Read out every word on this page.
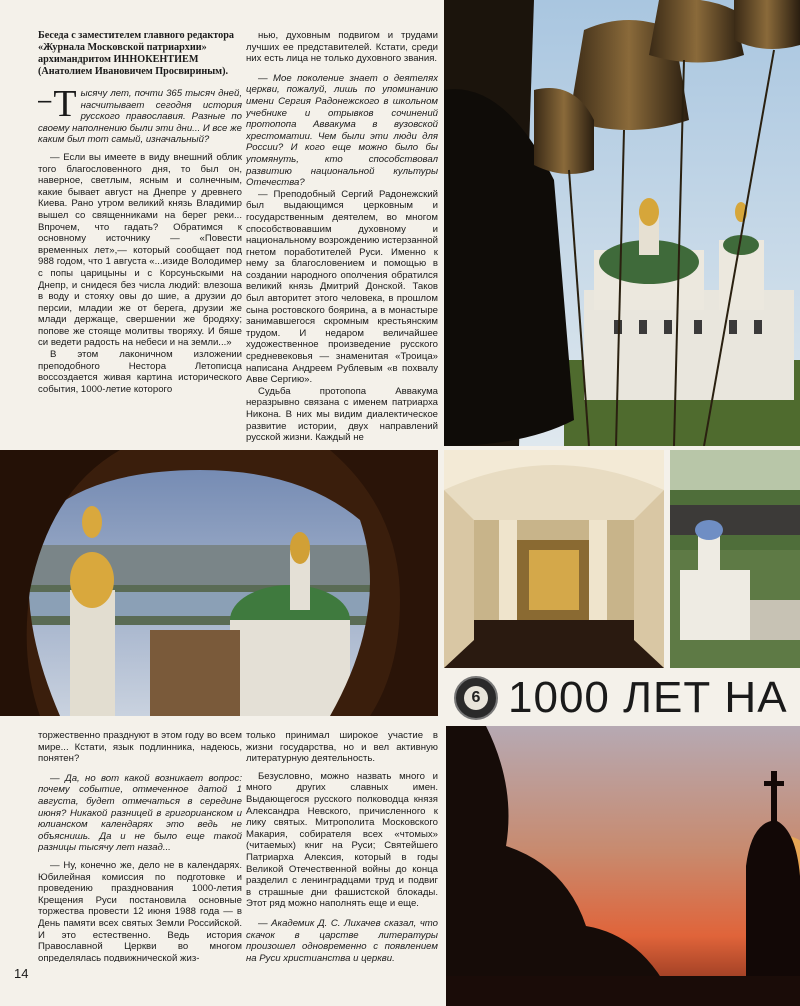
Беседа с заместителем главного редактора «Журнала Московской патриархии» архимандритом ИННОКЕНТИЕМ (Анатолием Ивановичем Просвириным).

– Т ысячу лет, почти 365 тысяч дней, насчитывает сегодня история русского православия. Разные по своему наполнению были эти дни... И все же каким был тот самый, изначальный?

— Если вы имеете в виду внешний облик того благословенного дня, то был он, наверное, светлым, ясным и солнечным, какие бывает август на Днепре у древнего Киева. Рано утром великий князь Владимир вышел со священниками на берег реки... Впрочем, что гадать? Обратимся к основному источнику — «Повести временных лет»,— который сообщает под 988 годом, что 1 августа «...изиде Володимер с попы царицыны и с Корсуньскыми на Днепр, и снидеся без числа людий: влезоша в воду и стояху овы до шие, а друзии до персии, младии же от берега, друзии же млади держаще, свершении же бродяху; попове же стояще молитвы творяху. И бяше си ведети радость на небеси и на земли...»

В этом лаконичном изложении преподобного Нестора Летописца воссоздается живая картина исторического события, 1000-летие которого

нью, духовным подвигом и трудами лучших ее представителей. Кстати, среди них есть лица не только духовного звания.

— Мое поколение знает о деятелях церкви, пожалуй, лишь по упоминанию имени Сергия Радонежского в школьном учебнике и отрывков сочинений протопопа Аввакума в вузовской хрестоматии. Чем были эти люди для России? И кого еще можно было бы упомянуть, кто способствовал развитию национальной культуры Отечества?

— Преподобный Сергий Радонежский был выдающимся церковным и государственным деятелем, во многом способствовавшим духовному и национальному возрождению истерзанной гнетом поработителей Руси. Именно к нему за благословением и помощью в создании народного ополчения обратился великий князь Дмитрий Донской. Таков был авторитет этого человека, в прошлом сына ростовского боярина, а в монастыре занимавшегося скромным крестьянским трудом. И недаром величайшее художественное произведение русского средневековья — знаменитая «Троица» написана Андреем Рублевым «в похвалу Авве Сергию».

Судьба протопопа Аввакума неразрывно связана с именем патриарха Никона. В них мы видим диалектическое развитие истории, двух направлений русской жизни. Каждый не

6 1000 ЛЕТ НА

торжественно празднуют в этом году во всем мире... Кстати, язык подлинника, надеюсь, понятен?

— Да, но вот какой возникает вопрос: почему событие, отмеченное датой 1 августа, будет отмечаться в середине июня? Никакой разницей в григорианском и юлианском календарях это ведь не объяснишь. Да и не было еще такой разницы тысячу лет назад...

— Ну, конечно же, дело не в календарях. Юбилейная комиссия по подготовке и проведению празднования 1000-летия Крещения Руси постановила основные торжества провести 12 июня 1988 года — в День памяти всех святых Земли Российской. И это естественно. Ведь история Православной Церкви во многом определялась подвижнической жиз-

только принимал широкое участие в жизни государства, но и вел активную литературную деятельность.

Безусловно, можно назвать много и много других славных имен. Выдающегося русского полководца князя Александра Невского, причисленного к лику святых. Митрополита Московского Макария, собирателя всех «чтомых» (читаемых) книг на Руси; Святейшего Патриарха Алексия, который в годы Великой Отечественной войны до конца разделил с ленинградцами труд и подвиг в страшные дни фашистской блокады. Этот ряд можно наполнять еще и еще.

— Академик Д. С. Лихачев сказал, что скачок в царстве литературы произошел одновременно с появлением на Руси христианства и церкви.

14
